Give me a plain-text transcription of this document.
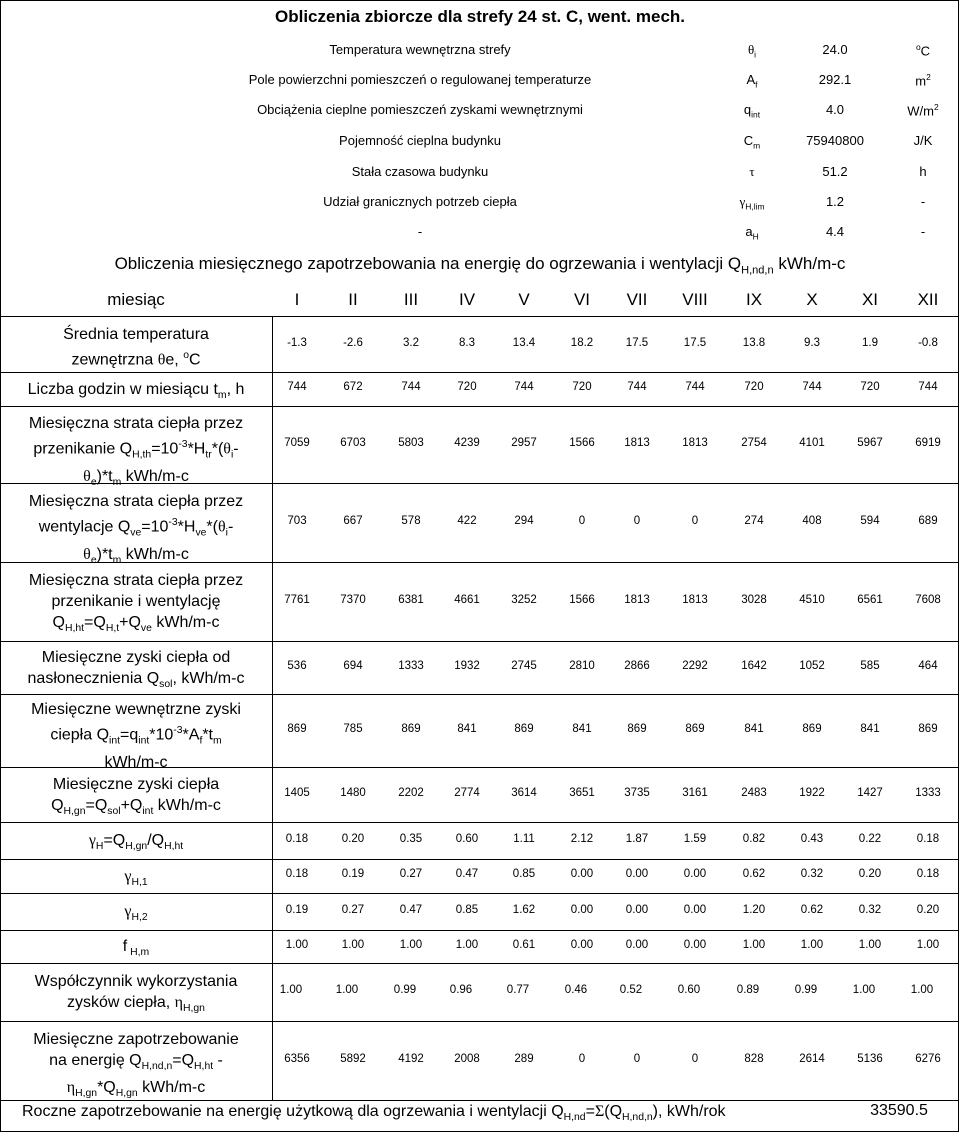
Obliczenia zbiorcze dla strefy 24 st. C, went. mech.
Temperatura wewnętrzna strefy	$\theta_i$	24.0	$^o$C
Pole powierzchni pomieszczeń o regulowanej temperaturze	$A_f$	292.1	$m^2$
Obciążenia cieplne pomieszczeń zyskami wewnętrznymi	$q_{int}$	4.0	$W/m^2$
Pojemność cieplna budynku	$C_m$	75940800	J/K
Stała czasowa budynku	τ	51.2	h
Udział granicznych potrzeb ciepła	$\gamma_{H,lim}$	1.2	-
-	$a_H$	4.4	-
Obliczenia miesięcznego zapotrzebowania na energię do ogrzewania i wentylacji $Q_{H,nd,n}$ kWh/m-c
miesiąc	I	II	III	IV	V	VI	VII	VIII	IX	X	XI	XII
Średnia temperatura
zewnętrzna θe, $^o$C
-1.3	-2.6	3.2	8.3	13.4	18.2	17.5	17.5	13.8	9.3	1.9	-0.8
Liczba godzin w miesiącu $t_m$, h	744	672	744	720	744	720	744	744	720	744	720	744
Miesięczna strata ciepła przez
przenikanie $Q_{H,th}=10^{-3}*H_{tr}*(\theta_i-$
$\theta_e)*t_m$ kWh/m-c
7059	6703	5803	4239	2957	1566	1813	1813	2754	4101	5967	6919
Miesięczna strata ciepła przez
wentylacje $Q_{ve}=10^{-3}*H_{ve}*(\theta_i-$
$\theta_e)*t_m$ kWh/m-c
703	667	578	422	294	0	0	0	274	408	594	689
Miesięczna strata ciepła przez
przenikanie i wentylację
$Q_{H,ht}=Q_{H,t}+Q_{ve}$ kWh/m-c
7761	7370	6381	4661	3252	1566	1813	1813	3028	4510	6561	7608
Miesięczne zyski ciepła od
nasłonecznienia $Q_{sol}$, kWh/m-c
536	694	1333	1932	2745	2810	2866	2292	1642	1052	585	464
Miesięczne wewnętrzne zyski
ciepła $Q_{int}=q_{int}*10^{-3}*A_f*t_m$
kWh/m-c
869	785	869	841	869	841	869	869	841	869	841	869
Miesięczne zyski ciepła
$Q_{H,gn}=Q_{sol}+Q_{int}$ kWh/m-c
1405	1480	2202	2774	3614	3651	3735	3161	2483	1922	1427	1333
$\gamma_H=Q_{H,gn}/Q_{H,ht}$
0.18	0.20	0.35	0.60	1.11	2.12	1.87	1.59	0.82	0.43	0.22	0.18
$\gamma_{H,1}$
0.18	0.19	0.27	0.47	0.85	0.00	0.00	0.00	0.62	0.32	0.20	0.18
$\gamma_{H,2}$
0.19	0.27	0.47	0.85	1.62	0.00	0.00	0.00	1.20	0.62	0.32	0.20
f $_{H,m}$
1.00	1.00	1.00	1.00	0.61	0.00	0.00	0.00	1.00	1.00	1.00	1.00
Współczynnik wykorzystania
zysków ciepła, $\eta_{H,gn}$
1.00	1.00	0.99	0.96	0.77	0.46	0.52	0.60	0.89	0.99	1.00	1.00
Miesięczne zapotrzebowanie
na energię $Q_{H,nd,n}=Q_{H,ht}$ -
$\eta_{H,gn}*Q_{H,gn}$ kWh/m-c
6356	5892	4192	2008	289	0	0	0	828	2614	5136	6276
Roczne zapotrzebowanie na energię użytkową dla ogrzewania i wentylacji $Q_{H,nd}=\Sigma(Q_{H,nd,n})$, kWh/rok	33590.5
